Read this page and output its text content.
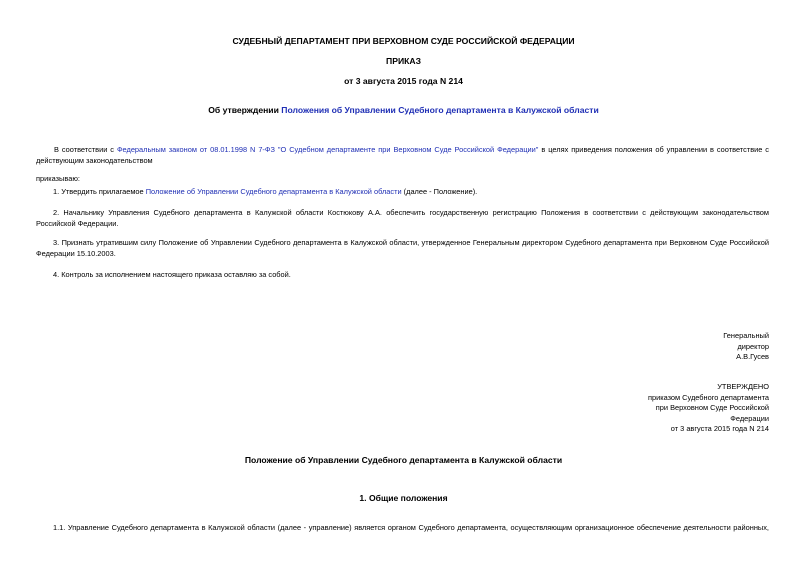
СУДЕБНЫЙ ДЕПАРТАМЕНТ ПРИ ВЕРХОВНОМ СУДЕ РОССИЙСКОЙ ФЕДЕРАЦИИ
ПРИКАЗ
от 3 августа 2015 года N 214
Об утверждении Положения об Управлении Судебного департамента в Калужской области
В соответствии с Федеральным законом от 08.01.1998 N 7-ФЗ "О Судебном департаменте при Верховном Суде Российской Федерации" в целях приведения положения об управлении в соответствие с действующим законодательством
приказываю:
1. Утвердить прилагаемое Положение об Управлении Судебного департамента в Калужской области (далее - Положение).
2. Начальнику Управления Судебного департамента в Калужской области Костюкову А.А. обеспечить государственную регистрацию Положения в соответствии с действующим законодательством Российской Федерации.
3. Признать утратившим силу Положение об Управлении Судебного департамента в Калужской области, утвержденное Генеральным директором Судебного департамента при Верховном Суде Российской Федерации 15.10.2003.
4. Контроль за исполнением настоящего приказа оставляю за собой.
Генеральный
директор
А.В.Гусев
УТВЕРЖДЕНО
приказом Судебного департамента
при Верховном Суде Российской
Федерации
от 3 августа 2015 года N 214
Положение об Управлении Судебного департамента в Калужской области
1. Общие положения
1.1. Управление Судебного департамента в Калужской области (далее - управление) является органом Судебного департамента, осуществляющим организационное обеспечение деятельности районных,
